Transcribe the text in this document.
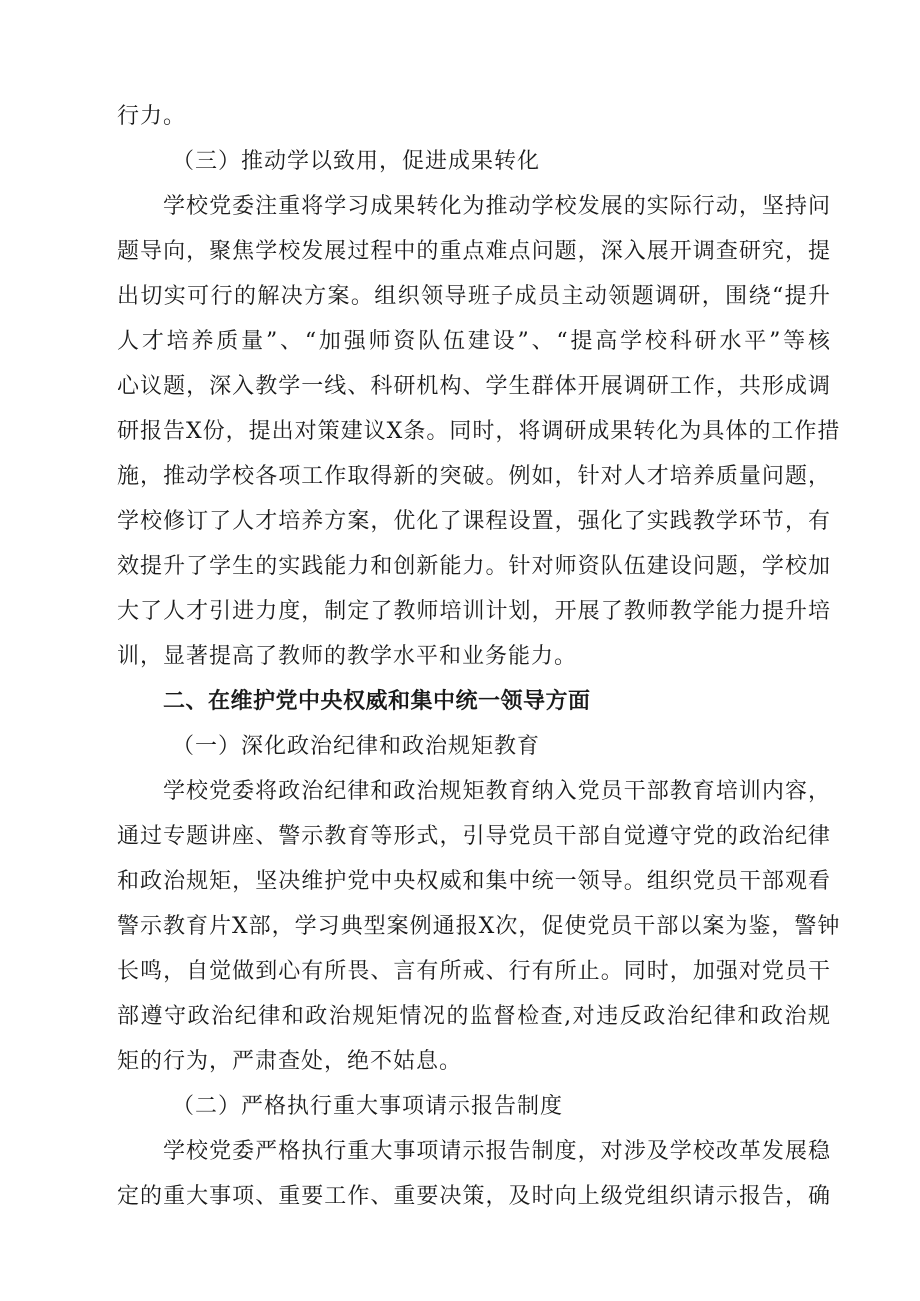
行力。
（三）推动学以致用，促进成果转化
学校党委注重将学习成果转化为推动学校发展的实际行动，坚持问
题导向，聚焦学校发展过程中的重点难点问题，深入展开调查研究，提
出切实可行的解决方案。组织领导班子成员主动领题调研，围绕“提升
人才培养质量”、“加强师资队伍建设”、“提高学校科研水平”等核
心议题，深入教学一线、科研机构、学生群体开展调研工作，共形成调
研报告X份，提出对策建议X条。同时，将调研成果转化为具体的工作措
施，推动学校各项工作取得新的突破。例如，针对人才培养质量问题，
学校修订了人才培养方案，优化了课程设置，强化了实践教学环节，有
效提升了学生的实践能力和创新能力。针对师资队伍建设问题，学校加
大了人才引进力度，制定了教师培训计划，开展了教师教学能力提升培
训，显著提高了教师的教学水平和业务能力。
二、在维护党中央权威和集中统一领导方面
（一）深化政治纪律和政治规矩教育
学校党委将政治纪律和政治规矩教育纳入党员干部教育培训内容，
通过专题讲座、警示教育等形式，引导党员干部自觉遵守党的政治纪律
和政治规矩，坚决维护党中央权威和集中统一领导。组织党员干部观看
警示教育片X部，学习典型案例通报X次，促使党员干部以案为鉴，警钟
长鸣，自觉做到心有所畏、言有所戒、行有所止。同时，加强对党员干
部遵守政治纪律和政治规矩情况的监督检查,对违反政治纪律和政治规
矩的行为，严肃查处，绝不姑息。
（二）严格执行重大事项请示报告制度
学校党委严格执行重大事项请示报告制度，对涉及学校改革发展稳
定的重大事项、重要工作、重要决策，及时向上级党组织请示报告，确
